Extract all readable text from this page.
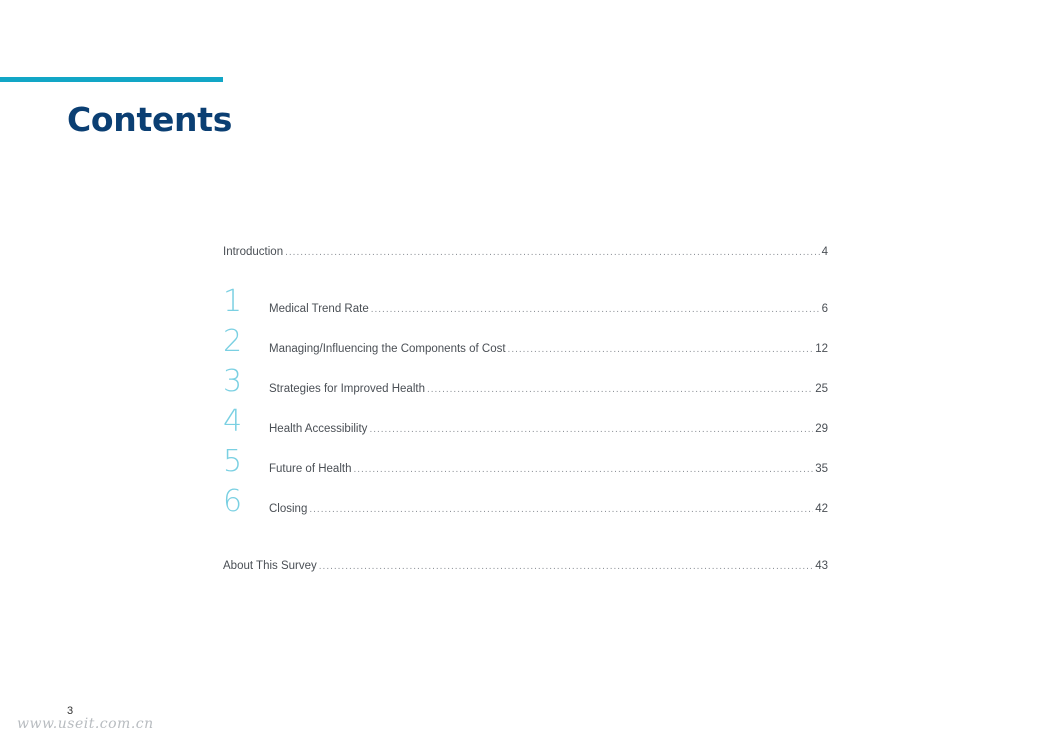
Contents
Introduction .....	4
1 Medical Trend Rate .....	6
2 Managing/Influencing the Components of Cost .....	12
3 Strategies for Improved Health .....	25
4 Health Accessibility .....	29
5 Future of Health .....	35
6 Closing .....	42
About This Survey .....	43
3
www.useit.com.cn
